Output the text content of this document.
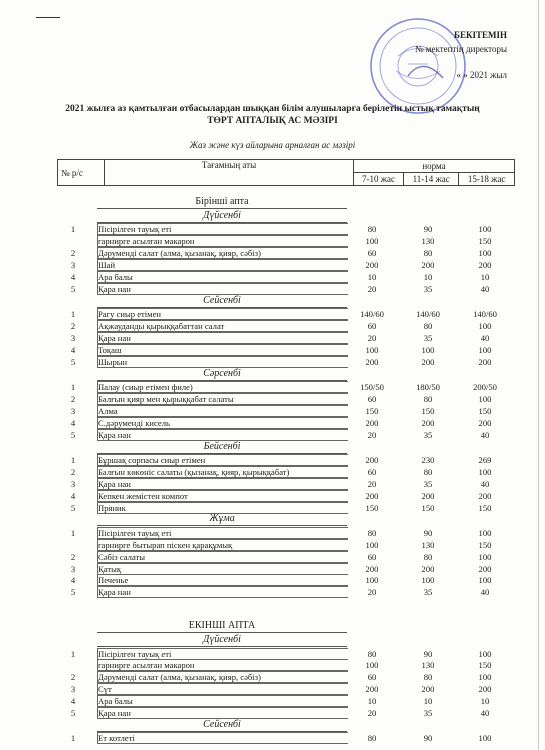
БЕКІТЕМІН
№ мектептің директоры
« » 2021 жыл
2021 жылға аз қамтылған отбасылардан шыққан білім алушыларға берілетін ыстық тамақтың
ТӨРТ АПТАЛЫҚ АС МӘЗІРІ
Жаз және күз айларына арналған ас мәзірі
№ р/с	Тағамның аты	норма		
		7-10 жас	11-14 жас	15-18 жас
Бірінші апта
Дүйсенбі
1	Пісірілген тауық еті	80	90	100
гарнирге асылған макарон	100	130	150
2	Дәруменді салат (алма, қызанақ, қияр, сәбіз)	60	80	100
3	Шай	200	200	200
4	Ара балы	10	10	10
5	Қара нан	20	35	40
Сейсенбі
1	Рагу сиыр етімен	140/60	140/60	140/60
2	Ақжауданды қырыққабаттан салат	60	80	100
3	Қара нан	20	35	40
4	Тоқаш	100	100	100
5	Шырын	200	200	200
Сәрсенбі
1	Палау (сиыр етімен филе)	150/50	180/50	200/50
2	Балғын қияр мен қырыққабат салаты	60	80	100
3	Алма	150	150	150
4	С.дәруменді кисель	200	200	200
5	Қара нан	20	35	40
Бейсенбі
1	Бұршақ сорпасы сиыр етімен	200	230	269
2	Балғын көкөніс салаты (қызанақ, қияр, қырыққабат)	60	80	100
3	Қара нан	20	35	40
4	Кепкен жемістен компот	200	200	200
5	Пряник	150	150	150
Жұма
1	Пісірілген тауық еті	80	90	100
гарнирге бытырап піскен қарақұмық	100	130	150
2	Сәбіз салаты	60	80	100
3	Қатық	200	200	200
4	Печенье	100	100	100
5	Қара нан	20	35	40
ЕКІНШІ АПТА
Дүйсенбі
1	Пісірілген тауық еті	80	90	100
гарнирге асылған макарон	100	130	150
2	Дәруменді салат (алма, қызанақ, қияр, сәбіз)	60	80	100
3	Сүт	200	200	200
4	Ара балы	10	10	10
5	Қара нан	20	35	40
Сейсенбі
1	Ет котлеті	80	90	100
